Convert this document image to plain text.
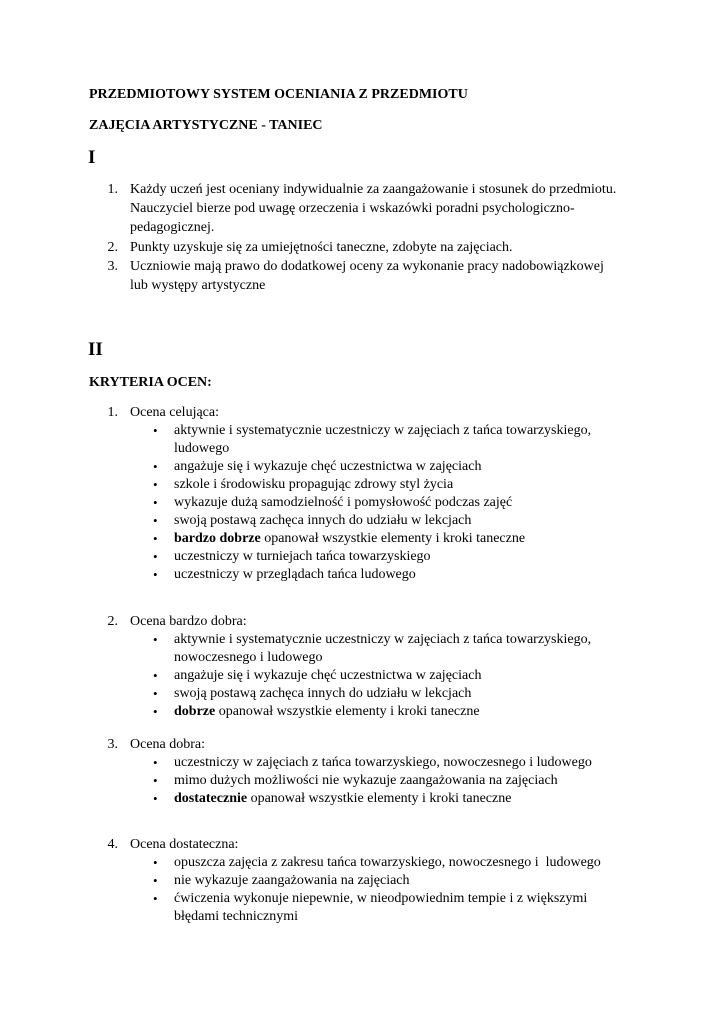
PRZEDMIOTOWY SYSTEM OCENIANIA Z PRZEDMIOTU
ZAJĘCIA ARTYSTYCZNE - TANIEC
I
1. Każdy uczeń jest oceniany indywidualnie za zaangażowanie i stosunek do przedmiotu.
Nauczyciel bierze pod uwagę orzeczenia i wskazówki poradni psychologiczno-
pedagogicznej.
2. Punkty uzyskuje się za umiejętności taneczne, zdobyte na zajęciach.
3. Uczniowie mają prawo do dodatkowej oceny za wykonanie pracy nadobowiązkowej
lub występy artystyczne
II
KRYTERIA OCEN:
1. Ocena celująca:
• aktywnie i systematycznie uczestniczy w zajęciach z tańca towarzyskiego,
ludowego
• angażuje się i wykazuje chęć uczestnictwa w zajęciach
• szkole i środowisku propagując zdrowy styl życia
• wykazuje dużą samodzielność i pomysłowość podczas zajęć
• swoją postawą zachęca innych do udziału w lekcjach
• bardzo dobrze opanował wszystkie elementy i kroki taneczne
• uczestniczy w turniejach tańca towarzyskiego
• uczestniczy w przeglądach tańca ludowego
2. Ocena bardzo dobra:
• aktywnie i systematycznie uczestniczy w zajęciach z tańca towarzyskiego,
nowoczesnego i ludowego
• angażuje się i wykazuje chęć uczestnictwa w zajęciach
• swoją postawą zachęca innych do udziału w lekcjach
• dobrze opanował wszystkie elementy i kroki taneczne
3. Ocena dobra:
• uczestniczy w zajęciach z tańca towarzyskiego, nowoczesnego i ludowego
• mimo dużych możliwości nie wykazuje zaangażowania na zajęciach
• dostatecznie opanował wszystkie elementy i kroki taneczne
4. Ocena dostateczna:
• opuszcza zajęcia z zakresu tańca towarzyskiego, nowoczesnego i  ludowego
• nie wykazuje zaangażowania na zajęciach
• ćwiczenia wykonuje niepewnie, w nieodpowiednim tempie i z większymi
błędami technicznymi
